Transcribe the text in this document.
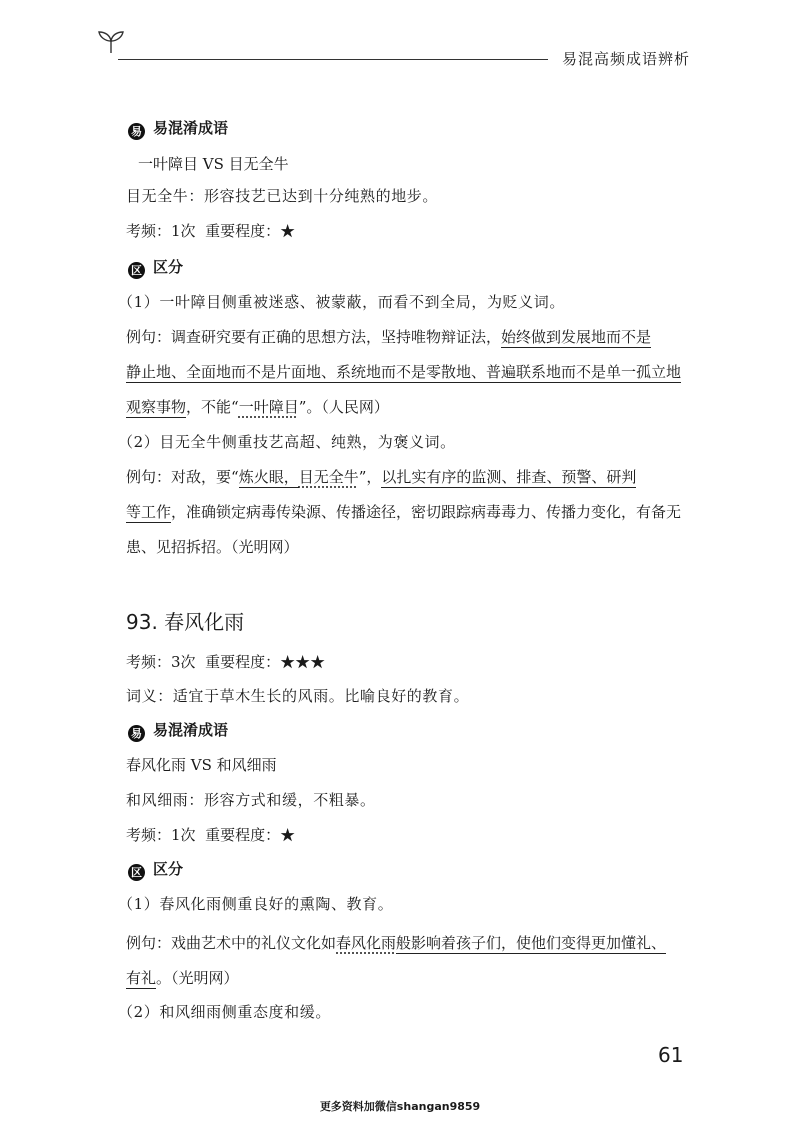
易混高频成语辨析
易 易混淆成语
一叶障目 VS 目无全牛
目无全牛：形容技艺已达到十分纯熟的地步。
考频：1次 重要程度：★
区 区分
（1）一叶障目侧重被迷惑、被蒙蔽，而看不到全局，为贬义词。
例句：调查研究要有正确的思想方法，坚持唯物辩证法，始终做到发展地而不是
静止地、全面地而不是片面地、系统地而不是零散地、普遍联系地而不是单一孤立地
观察事物，不能“一叶障目”。（人民网）
（2）目无全牛侧重技艺高超、纯熟，为褒义词。
例句：对敌，要“炼火眼，目无全牛”，以扎实有序的监测、排查、预警、研判
等工作，准确锁定病毒传染源、传播途径，密切跟踪病毒毒力、传播力变化，有备无
患、见招拆招。（光明网）
93. 春风化雨
考频：3次 重要程度：★★★
词义：适宜于草木生长的风雨。比喻良好的教育。
易 易混淆成语
春风化雨 VS 和风细雨
和风细雨：形容方式和缓，不粗暴。
考频：1次 重要程度：★
区 区分
（1）春风化雨侧重良好的熏陶、教育。
例句：戏曲艺术中的礼仪文化如春风化雨般影响着孩子们，使他们变得更加懂礼、
有礼。（光明网）
（2）和风细雨侧重态度和缓。
61
更多资料加微信shangan9859
